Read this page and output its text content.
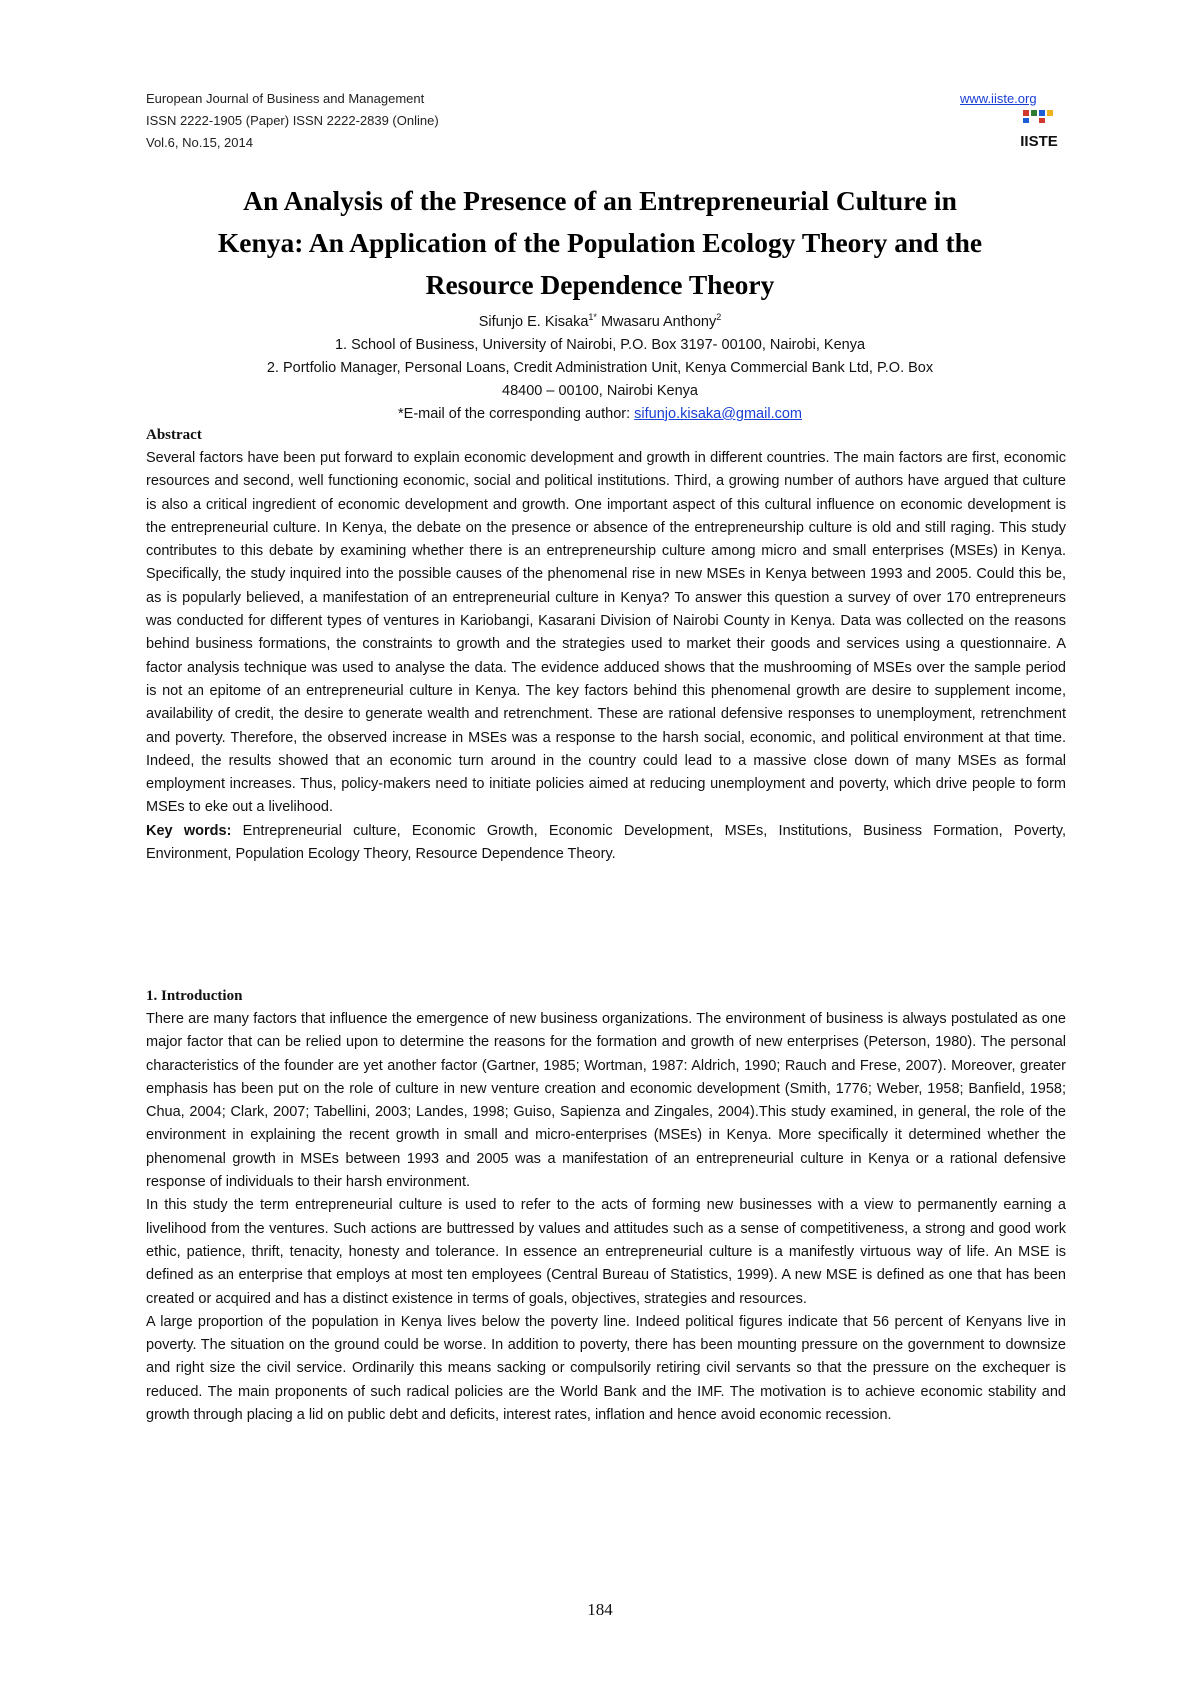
European Journal of Business and Management
ISSN 2222-1905 (Paper) ISSN 2222-2839 (Online)
Vol.6, No.15, 2014
www.iiste.org
IISTE
An Analysis of the Presence of an Entrepreneurial Culture in
Kenya: An Application of the Population Ecology Theory and the
Resource Dependence Theory
Sifunjo E. Kisaka$^{1*}$ Mwasaru Anthony$^2$
1. School of Business, University of Nairobi, P.O. Box 3197- 00100, Nairobi, Kenya
2. Portfolio Manager, Personal Loans, Credit Administration Unit, Kenya Commercial Bank Ltd, P.O. Box
48400 – 00100, Nairobi Kenya
*E-mail of the corresponding author: sifunjo.kisaka@gmail.com
Abstract

Several factors have been put forward to explain economic development and growth in different countries. The main factors are first, economic resources and second, well functioning economic, social and political institutions. Third, a growing number of authors have argued that culture is also a critical ingredient of economic development and growth. One important aspect of this cultural influence on economic development is the entrepreneurial culture. In Kenya, the debate on the presence or absence of the entrepreneurship culture is old and still raging. This study contributes to this debate by examining whether there is an entrepreneurship culture among micro and small enterprises (MSEs) in Kenya. Specifically, the study inquired into the possible causes of the phenomenal rise in new MSEs in Kenya between 1993 and 2005. Could this be, as is popularly believed, a manifestation of an entrepreneurial culture in Kenya? To answer this question a survey of over 170 entrepreneurs was conducted for different types of ventures in Kariobangi, Kasarani Division of Nairobi County in Kenya. Data was collected on the reasons behind business formations, the constraints to growth and the strategies used to market their goods and services using a questionnaire. A factor analysis technique was used to analyse the data. The evidence adduced shows that the mushrooming of MSEs over the sample period is not an epitome of an entrepreneurial culture in Kenya. The key factors behind this phenomenal growth are desire to supplement income, availability of credit, the desire to generate wealth and retrenchment. These are rational defensive responses to unemployment, retrenchment and poverty. Therefore, the observed increase in MSEs was a response to the harsh social, economic, and political environment at that time. Indeed, the results showed that an economic turn around in the country could lead to a massive close down of many MSEs as formal employment increases. Thus, policy-makers need to initiate policies aimed at reducing unemployment and poverty, which drive people to form MSEs to eke out a livelihood.

Key words: Entrepreneurial culture, Economic Growth, Economic Development, MSEs, Institutions, Business Formation, Poverty, Environment, Population Ecology Theory, Resource Dependence Theory.

1. Introduction

There are many factors that influence the emergence of new business organizations. The environment of business is always postulated as one major factor that can be relied upon to determine the reasons for the formation and growth of new enterprises (Peterson, 1980). The personal characteristics of the founder are yet another factor (Gartner, 1985; Wortman, 1987: Aldrich, 1990; Rauch and Frese, 2007). Moreover, greater emphasis has been put on the role of culture in new venture creation and economic development (Smith, 1776; Weber, 1958; Banfield, 1958; Chua, 2004; Clark, 2007; Tabellini, 2003; Landes, 1998; Guiso, Sapienza and Zingales, 2004).This study examined, in general, the role of the environment in explaining the recent growth in small and micro-enterprises (MSEs) in Kenya. More specifically it determined whether the phenomenal growth in MSEs between 1993 and 2005 was a manifestation of an entrepreneurial culture in Kenya or a rational defensive response of individuals to their harsh environment.

In this study the term entrepreneurial culture is used to refer to the acts of forming new businesses with a view to permanently earning a livelihood from the ventures. Such actions are buttressed by values and attitudes such as a sense of competitiveness, a strong and good work ethic, patience, thrift, tenacity, honesty and tolerance. In essence an entrepreneurial culture is a manifestly virtuous way of life. An MSE is defined as an enterprise that employs at most ten employees (Central Bureau of Statistics, 1999). A new MSE is defined as one that has been created or acquired and has a distinct existence in terms of goals, objectives, strategies and resources.

A large proportion of the population in Kenya lives below the poverty line. Indeed political figures indicate that 56 percent of Kenyans live in poverty. The situation on the ground could be worse. In addition to poverty, there has been mounting pressure on the government to downsize and right size the civil service. Ordinarily this means sacking or compulsorily retiring civil servants so that the pressure on the exchequer is reduced. The main proponents of such radical policies are the World Bank and the IMF. The motivation is to achieve economic stability and growth through placing a lid on public debt and deficits, interest rates, inflation and hence avoid economic recession.

184
